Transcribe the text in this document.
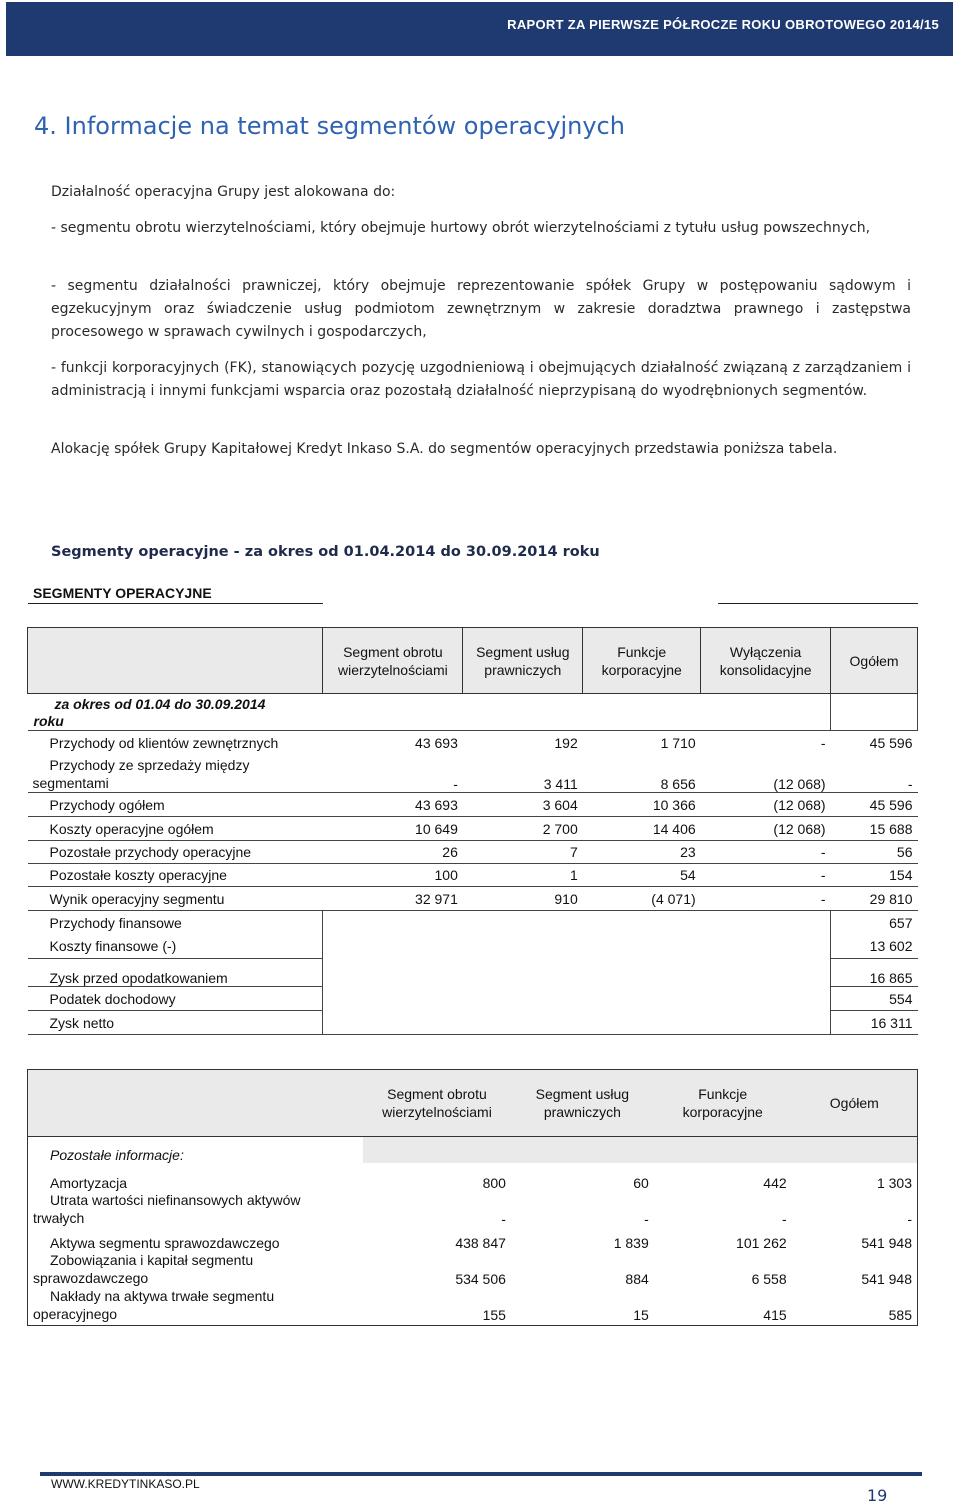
RAPORT ZA PIERWSZE PÓŁROCZE ROKU OBROTOWEGO 2014/15
4. Informacje na temat segmentów operacyjnych
Działalność operacyjna Grupy jest alokowana do:
- segmentu obrotu wierzytelnościami, który obejmuje hurtowy obrót wierzytelnościami z tytułu usług powszechnych,
- segmentu działalności prawniczej, który obejmuje reprezentowanie spółek Grupy w postępowaniu sądowym i egzekucyjnym oraz świadczenie usług podmiotom zewnętrznym w zakresie doradztwa prawnego i zastępstwa procesowego w sprawach cywilnych i gospodarczych,
- funkcji korporacyjnych (FK), stanowiących pozycję uzgodnieniową i obejmujących działalność związaną z zarządzaniem i administracją i innymi funkcjami wsparcia oraz pozostałą działalność nieprzypisaną do wyodrębnionych segmentów.
Alokację spółek Grupy Kapitałowej Kredyt Inkaso S.A. do segmentów operacyjnych przedstawia poniższa tabela.
Segmenty operacyjne - za okres od 01.04.2014 do 30.09.2014 roku
SEGMENTY OPERACYJNE
	Segment obrotu wierzytelnościami	Segment usług prawniczych	Funkcje korporacyjne	Wyłączenia konsolidacyjne	Ogółem
za okres od 01.04 do 30.09.2014
roku					
Przychody od klientów zewnętrznych	43 693	192	1 710	-	45 596
Przychody ze sprzedaży między
segmentami	-	3 411	8 656	(12 068)	-
Przychody ogółem	43 693	3 604	10 366	(12 068)	45 596
Koszty operacyjne ogółem	10 649	2 700	14 406	(12 068)	15 688
Pozostałe przychody operacyjne	26	7	23	-	56
Pozostałe koszty operacyjne	100	1	54	-	154
Wynik operacyjny segmentu	32 971	910	(4 071)	-	29 810
Przychody finansowe					657
Koszty finansowe (-)					13 602
Zysk przed opodatkowaniem					16 865
Podatek dochodowy					554
Zysk netto					16 311
	Segment obrotu wierzytelnościami	Segment usług prawniczych	Funkcje korporacyjne	Ogółem
Pozostałe informacje:				
Amortyzacja	800	60	442	1 303
Utrata wartości niefinansowych aktywów
trwałych	-	-	-	-
Aktywa segmentu sprawozdawczego	438 847	1 839	101 262	541 948
Zobowiązania i kapitał segmentu
sprawozdawczego	534 506	884	6 558	541 948
Nakłady na aktywa trwałe segmentu
operacyjnego	155	15	415	585
WWW.KREDYTINKASO.PL
19
